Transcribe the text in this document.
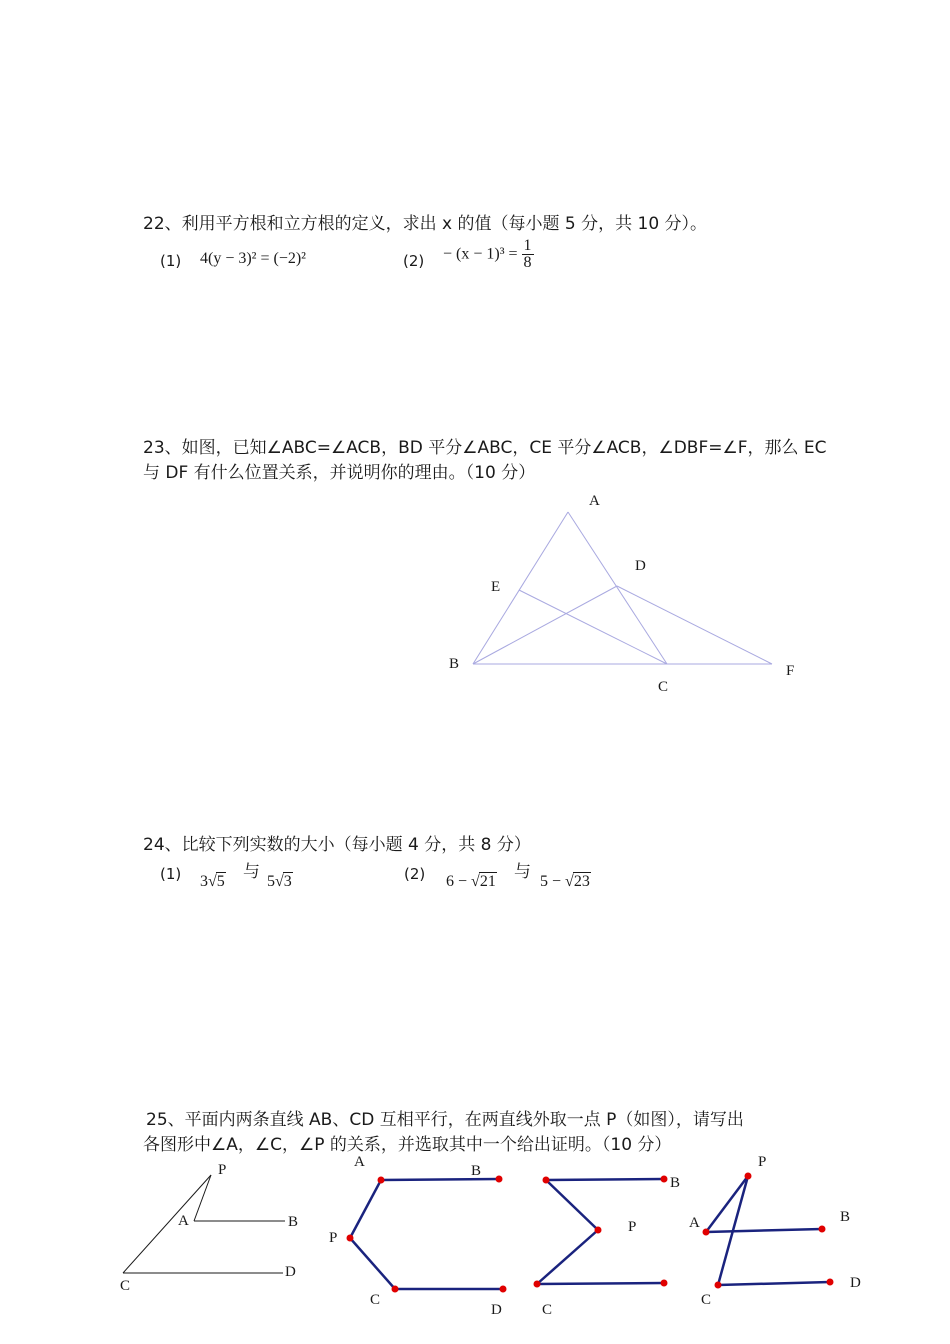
22、利用平方根和立方根的定义，求出 x 的值（每小题 5 分，共 10 分）。
(1) 4(y − 3)² = (−2)²	$(2) - (x - 1)^3 = \frac{1}{8}$
23、如图，已知∠ABC=∠ACB，BD 平分∠ABC，CE 平分∠ACB，∠DBF=∠F，那么 EC
与 DF 有什么位置关系，并说明你的理由。（10 分）
A
D
E
B
C
F
24、比较下列实数的大小（每小题 4 分，共 8 分）
(1) 3√5 与 5√3	(2) 6 − √21 与 5 − √23
25、平面内两条直线 AB、CD 互相平行，在两直线外取一点 P（如图），请写出
各图形中∠A，∠C，∠P 的关系，并选取其中一个给出证明。（10 分）
P
A	B
C
D
A
B
P
C
D
B
P
C
P
A	B
C
D
